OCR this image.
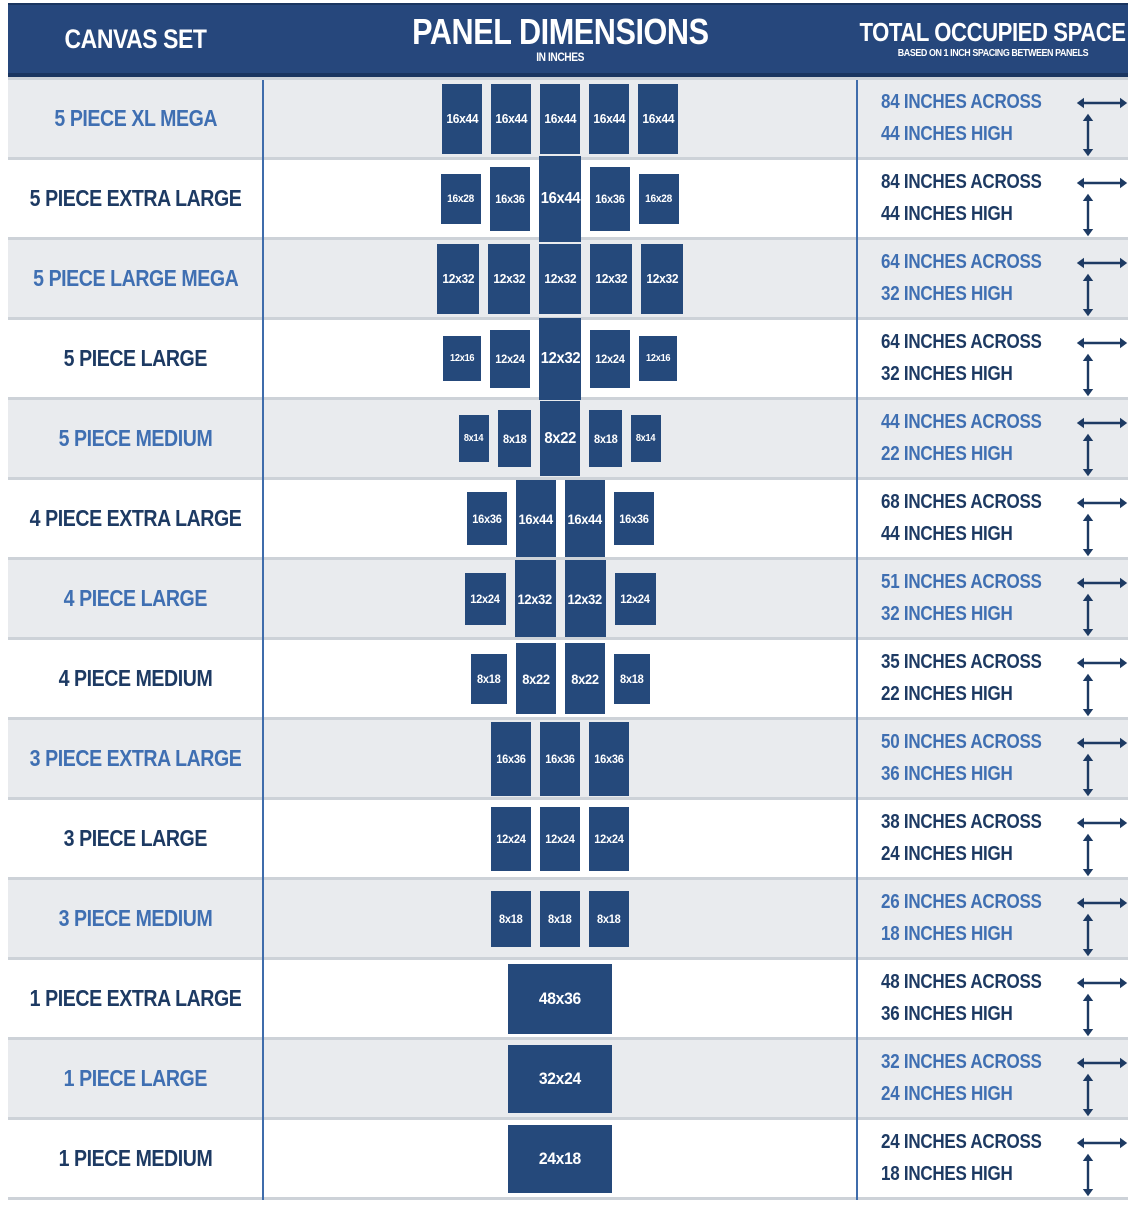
CANVAS SET	PANEL DIMENSIONS
IN INCHES
TOTAL OCCUPIED SPACE
BASED ON 1 INCH SPACING BETWEEN PANELS
5 PIECE XL MEGA	16x44 16x44 16x44 16x44 16x44
84 INCHES ACROSS
44 INCHES HIGH
5 PIECE EXTRA LARGE	16x28 16x36 16x44 16x36 16x28
84 INCHES ACROSS
44 INCHES HIGH
5 PIECE LARGE MEGA	12x32 12x32 12x32 12x32 12x32
64 INCHES ACROSS
32 INCHES HIGH
5 PIECE LARGE	12x16 12x24 12x32 12x24 12x16
64 INCHES ACROSS
32 INCHES HIGH
5 PIECE MEDIUM	8x14 8x18 8x22 8x18 8x14
44 INCHES ACROSS
22 INCHES HIGH
4 PIECE EXTRA LARGE	16x36 16x44 16x44 16x36
68 INCHES ACROSS
44 INCHES HIGH
4 PIECE LARGE	12x24 12x32 12x32 12x24
51 INCHES ACROSS
32 INCHES HIGH
4 PIECE MEDIUM	8x18 8x22 8x22 8x18
35 INCHES ACROSS
22 INCHES HIGH
3 PIECE EXTRA LARGE	16x36 16x36 16x36
50 INCHES ACROSS
36 INCHES HIGH
3 PIECE LARGE	12x24 12x24 12x24
38 INCHES ACROSS
24 INCHES HIGH
3 PIECE MEDIUM	8x18 8x18 8x18
26 INCHES ACROSS
18 INCHES HIGH
1 PIECE EXTRA LARGE	48x36
48 INCHES ACROSS
36 INCHES HIGH
1 PIECE LARGE	32x24
32 INCHES ACROSS
24 INCHES HIGH
1 PIECE MEDIUM	24x18
24 INCHES ACROSS
18 INCHES HIGH
